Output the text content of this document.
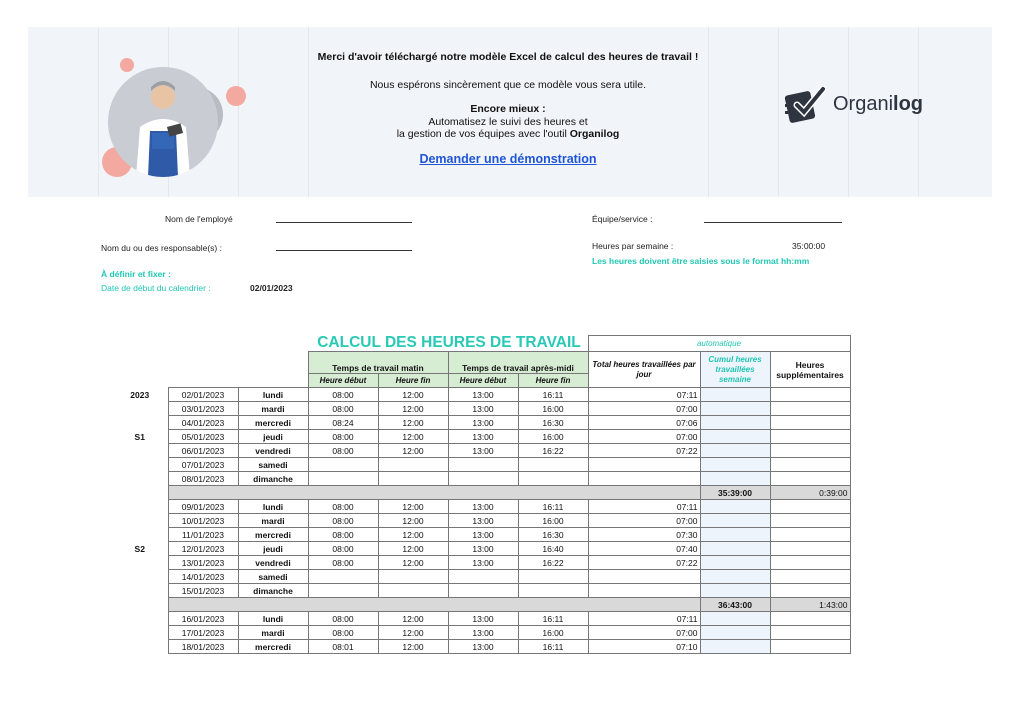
Merci d'avoir téléchargé notre modèle Excel de calcul des heures de travail !
Nous espérons sincèrement que ce modèle vous sera utile.
Encore mieux :
Automatisez le suivi des heures et
la gestion de vos équipes avec l'outil Organilog
Demander une démonstration
Organilog
Nom de l'employé
Nom du ou des responsable(s) :
À définir et fixer :
Date de début du calendrier :	02/01/2023
Équipe/service :
Heures par semaine :	35:00:00
Les heures doivent être saisies sous le format hh:mm
CALCUL DES HEURES DE TRAVAIL
							automatique		
			Temps de travail matin		Temps de travail après-midi		Total heures travaillées par jour	Cumul heures travaillées semaine	Heures supplémentaires
			Heure début	Heure fin	Heure début	Heure fin			
2023	02/01/2023	lundi	08:00	12:00	13:00	16:11	07:11		
	03/01/2023	mardi	08:00	12:00	13:00	16:00	07:00		
	04/01/2023	mercredi	08:24	12:00	13:00	16:30	07:06		
S1	05/01/2023	jeudi	08:00	12:00	13:00	16:00	07:00		
	06/01/2023	vendredi	08:00	12:00	13:00	16:22	07:22		
	07/01/2023	samedi							
	08/01/2023	dimanche							
								35:39:00	0:39:00
	09/01/2023	lundi	08:00	12:00	13:00	16:11	07:11		
	10/01/2023	mardi	08:00	12:00	13:00	16:00	07:00		
	11/01/2023	mercredi	08:00	12:00	13:00	16:30	07:30		
S2	12/01/2023	jeudi	08:00	12:00	13:00	16:40	07:40		
	13/01/2023	vendredi	08:00	12:00	13:00	16:22	07:22		
	14/01/2023	samedi							
	15/01/2023	dimanche							
								36:43:00	1:43:00
	16/01/2023	lundi	08:00	12:00	13:00	16:11	07:11		
	17/01/2023	mardi	08:00	12:00	13:00	16:00	07:00		
	18/01/2023	mercredi	08:01	12:00	13:00	16:11	07:10		
